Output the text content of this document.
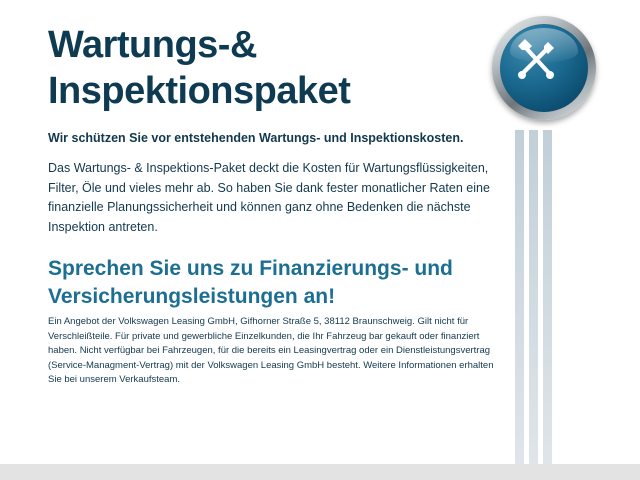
Wartungs-&
Inspektionspaket
Wir schützen Sie vor entstehenden Wartungs- und Inspektionskosten.
Das Wartungs- & Inspektions-Paket deckt die Kosten für Wartungsflüssigkeiten, Filter, Öle und vieles mehr ab. So haben Sie dank fester monatlicher Raten eine finanzielle Planungssicherheit und können ganz ohne Bedenken die nächste Inspektion antreten.
Sprechen Sie uns zu Finanzierungs- und
Versicherungsleistungen an!
Ein Angebot der Volkswagen Leasing GmbH, Gifhorner Straße 5, 38112 Braunschweig. Gilt nicht für Verschleißteile. Für private und gewerbliche Einzelkunden, die Ihr Fahrzeug bar gekauft oder finanziert haben. Nicht verfügbar bei Fahrzeugen, für die bereits ein Leasingvertrag oder ein Dienstleistungsvertrag (Service-Managment-Vertrag) mit der Volkswagen Leasing GmbH besteht. Weitere Informationen erhalten Sie bei unserem Verkaufsteam.
